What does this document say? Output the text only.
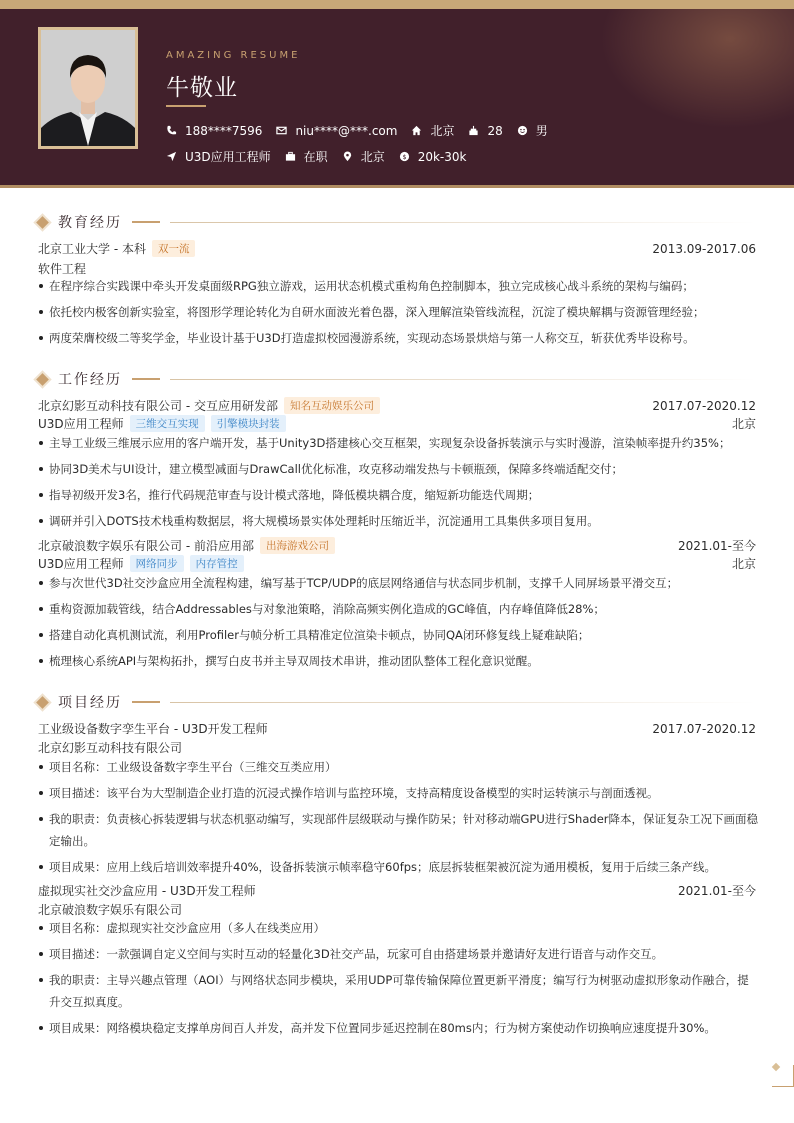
AMAZING RESUME
牛敬业
188****7596	niu****@***.com	北京	28	男
U3D应用工程师	在职	北京 $ 20k-30k
教育经历
北京工业大学 - 本科	双一流	2013.09-2017.06
软件工程
在程序综合实践课中牵头开发桌面级RPG独立游戏，运用状态机模式重构角色控制脚本，独立完成核心战斗系统的架构与编码；
依托校内极客创新实验室，将图形学理论转化为自研水面波光着色器，深入理解渲染管线流程，沉淀了模块解耦与资源管理经验；
两度荣膺校级二等奖学金，毕业设计基于U3D打造虚拟校园漫游系统，实现动态场景烘焙与第一人称交互，斩获优秀毕设称号。
工作经历
北京幻影互动科技有限公司 - 交互应用研发部	知名互动娱乐公司	2017.07-2020.12
U3D应用工程师	三维交互实现	引擎模块封装	北京
主导工业级三维展示应用的客户端开发，基于Unity3D搭建核心交互框架，实现复杂设备拆装演示与实时漫游，渲染帧率提升约35%；
协同3D美术与UI设计，建立模型减面与DrawCall优化标准，攻克移动端发热与卡顿瓶颈，保障多终端适配交付；
指导初级开发3名，推行代码规范审查与设计模式落地，降低模块耦合度，缩短新功能迭代周期；
调研并引入DOTS技术栈重构数据层，将大规模场景实体处理耗时压缩近半，沉淀通用工具集供多项目复用。
北京破浪数字娱乐有限公司 - 前沿应用部	出海游戏公司	2021.01-至今
U3D应用工程师	网络同步	内存管控	北京
参与次世代3D社交沙盒应用全流程构建，编写基于TCP/UDP的底层网络通信与状态同步机制，支撑千人同屏场景平滑交互；
重构资源加载管线，结合Addressables与对象池策略，消除高频实例化造成的GC峰值，内存峰值降低28%；
搭建自动化真机测试流，利用Profiler与帧分析工具精准定位渲染卡顿点，协同QA闭环修复线上疑难缺陷；
梳理核心系统API与架构拓扑，撰写白皮书并主导双周技术串讲，推动团队整体工程化意识觉醒。
项目经历
工业级设备数字孪生平台 - U3D开发工程师	2017.07-2020.12
北京幻影互动科技有限公司
项目名称：工业级设备数字孪生平台（三维交互类应用）
项目描述：该平台为大型制造企业打造的沉浸式操作培训与监控环境，支持高精度设备模型的实时运转演示与剖面透视。
我的职责：负责核心拆装逻辑与状态机驱动编写，实现部件层级联动与操作防呆；针对移动端GPU进行Shader降本，保证复杂工况下画面稳定输出。
项目成果：应用上线后培训效率提升40%，设备拆装演示帧率稳守60fps；底层拆装框架被沉淀为通用模板，复用于后续三条产线。
虚拟现实社交沙盒应用 - U3D开发工程师	2021.01-至今
北京破浪数字娱乐有限公司
项目名称：虚拟现实社交沙盒应用（多人在线类应用）
项目描述：一款强调自定义空间与实时互动的轻量化3D社交产品，玩家可自由搭建场景并邀请好友进行语音与动作交互。
我的职责：主导兴趣点管理（AOI）与网络状态同步模块，采用UDP可靠传输保障位置更新平滑度；编写行为树驱动虚拟形象动作融合，提升交互拟真度。
项目成果：网络模块稳定支撑单房间百人并发，高并发下位置同步延迟控制在80ms内；行为树方案使动作切换响应速度提升30%。
